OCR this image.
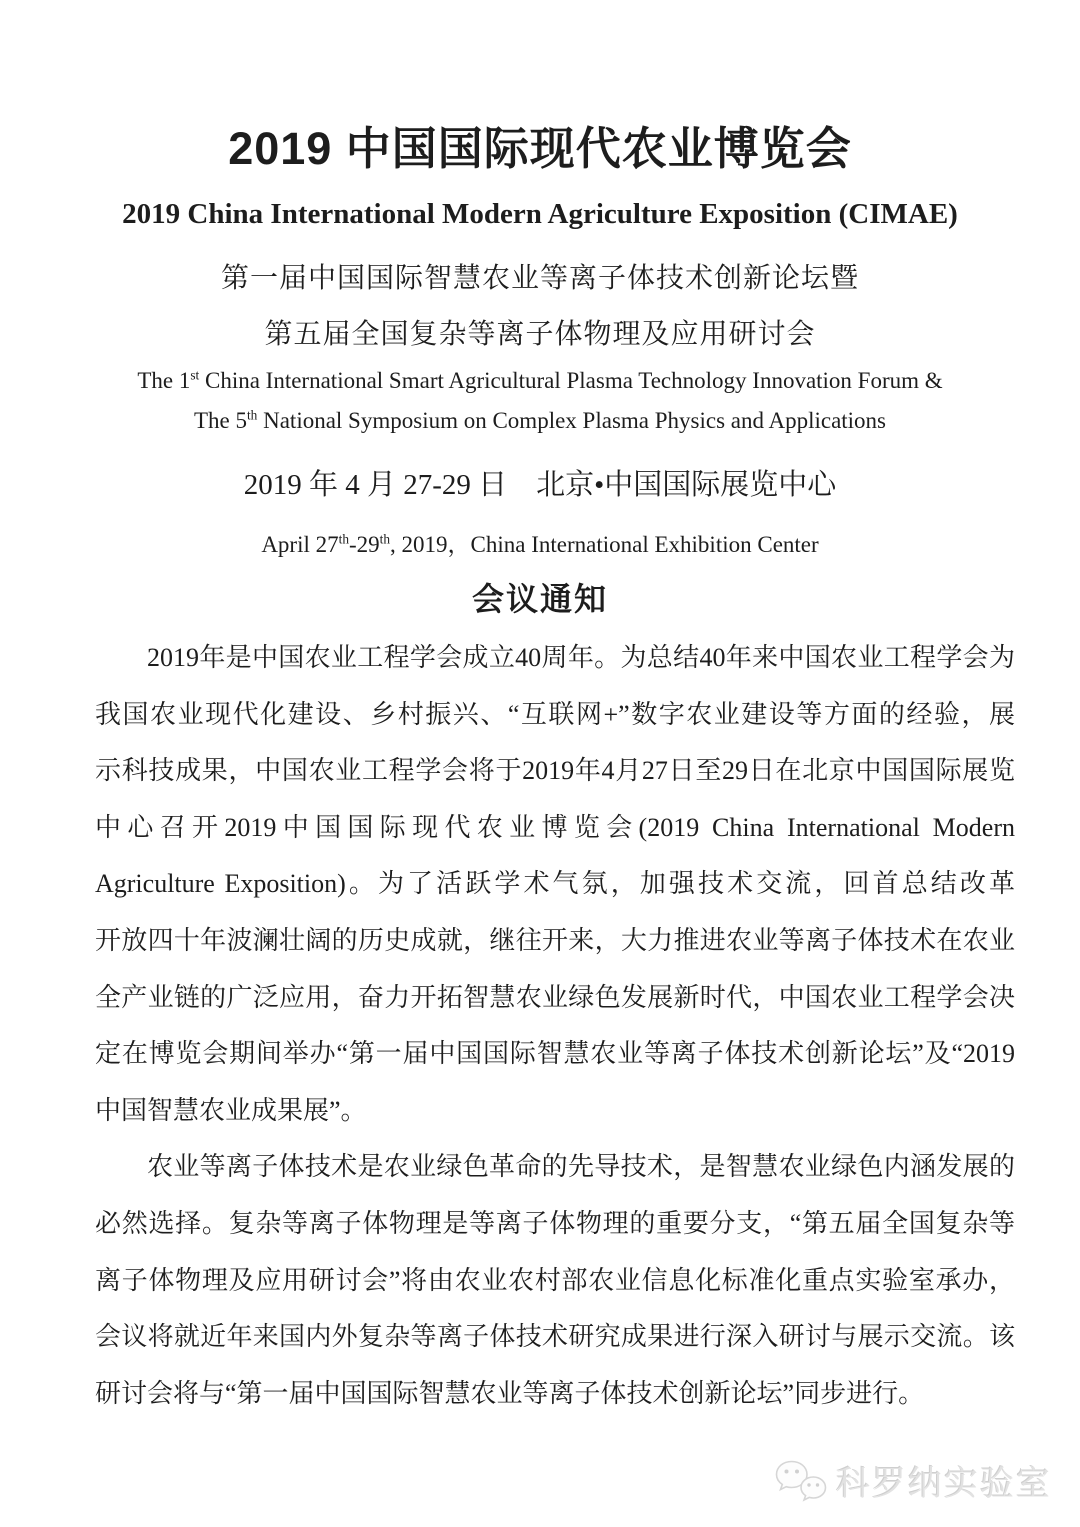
2019 中国国际现代农业博览会
2019 China International Modern Agriculture Exposition (CIMAE)
第一届中国国际智慧农业等离子体技术创新论坛暨
第五届全国复杂等离子体物理及应用研讨会
The 1st China International Smart Agricultural Plasma Technology Innovation Forum &
The 5th National Symposium on Complex Plasma Physics and Applications
2019 年 4 月 27-29 日　北京•中国国际展览中心
April 27th-29th, 2019，China International Exhibition Center
会议通知
2019年是中国农业工程学会成立40周年。为总结40年来中国农业工程学会为
我国农业现代化建设、乡村振兴、“互联网+”数字农业建设等方面的经验，展
示科技成果，中国农业工程学会将于2019年4月27日至29日在北京中国国际展览
中心召开2019中国国际现代农业博览会(2019 China International Modern
Agriculture Exposition)。为了活跃学术气氛，加强技术交流，回首总结改革
开放四十年波澜壮阔的历史成就，继往开来，大力推进农业等离子体技术在农业
全产业链的广泛应用，奋力开拓智慧农业绿色发展新时代，中国农业工程学会决
定在博览会期间举办“第一届中国国际智慧农业等离子体技术创新论坛”及“2019
中国智慧农业成果展”。
农业等离子体技术是农业绿色革命的先导技术，是智慧农业绿色内涵发展的
必然选择。复杂等离子体物理是等离子体物理的重要分支，“第五届全国复杂等
离子体物理及应用研讨会”将由农业农村部农业信息化标准化重点实验室承办，
会议将就近年来国内外复杂等离子体技术研究成果进行深入研讨与展示交流。该
研讨会将与“第一届中国国际智慧农业等离子体技术创新论坛”同步进行。
科罗纳实验室
